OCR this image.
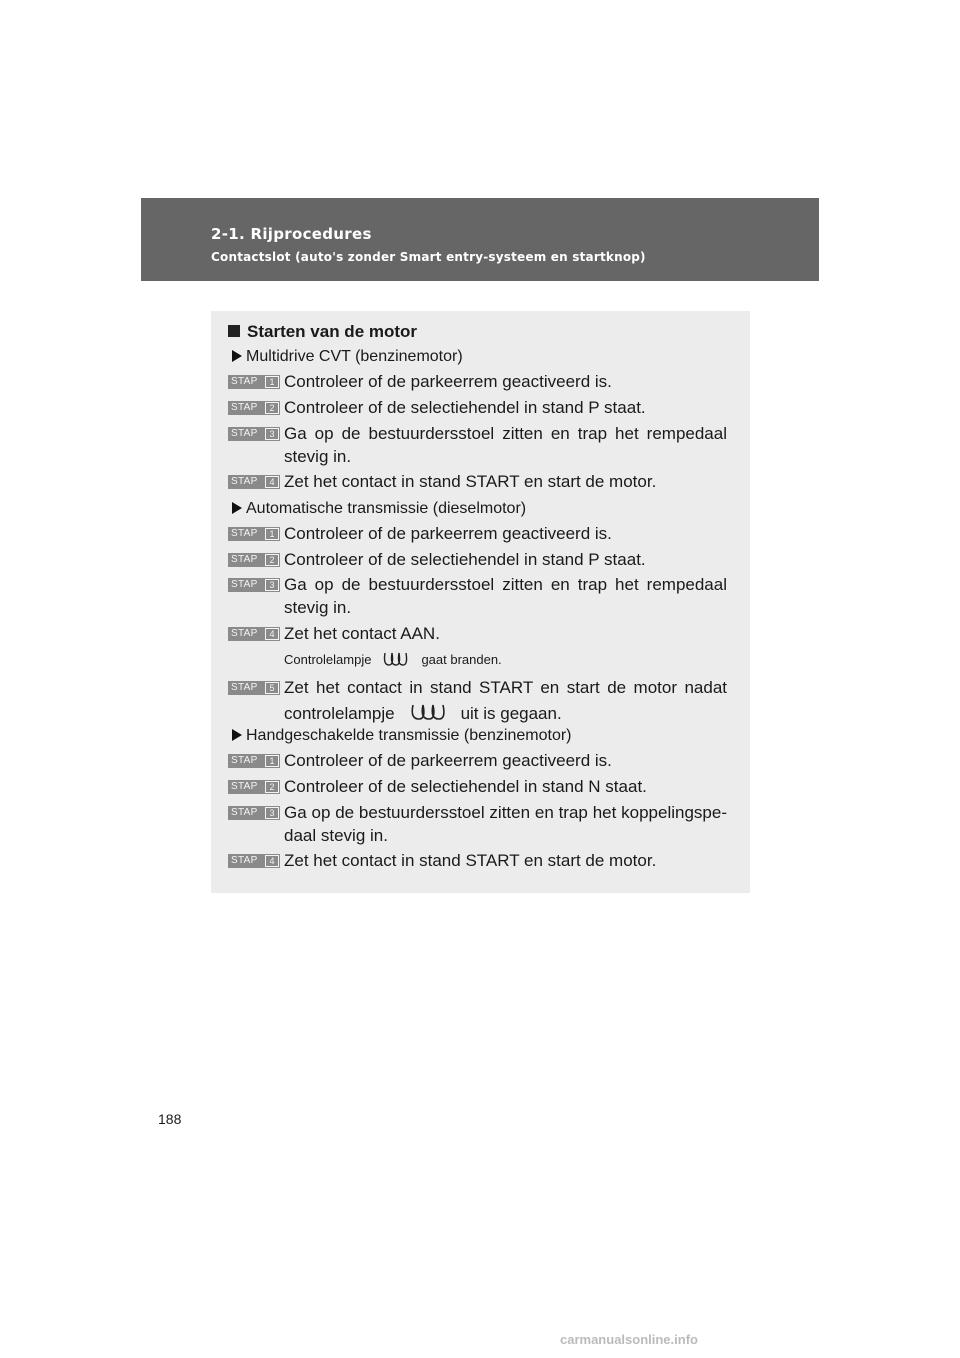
2-1. Rijprocedures
Contactslot (auto's zonder Smart entry-systeem en startknop)
Starten van de motor
Multidrive CVT (benzinemotor)
STAP	1 Controleer of de parkeerrem geactiveerd is.
STAP	2 Controleer of de selectiehendel in stand P staat.
STAP	3 Ga op de bestuurdersstoel zitten en trap het rempedaal
stevig in.
STAP	4 Zet het contact in stand START en start de motor.
Automatische transmissie (dieselmotor)
STAP	1 Controleer of de parkeerrem geactiveerd is.
STAP	2 Controleer of de selectiehendel in stand P staat.
STAP	3 Ga op de bestuurdersstoel zitten en trap het rempedaal
stevig in.
STAP	4 Zet het contact AAN.
Controlelampje	gaat branden.
STAP	5 Zet het contact in stand START en start de motor nadat
controlelampje	uit is gegaan.
Handgeschakelde transmissie (benzinemotor)
STAP	1 Controleer of de parkeerrem geactiveerd is.
STAP	2 Controleer of de selectiehendel in stand N staat.
STAP	3 Ga op de bestuurdersstoel zitten en trap het koppelingspe-
daal stevig in.
STAP	4 Zet het contact in stand START en start de motor.
188
carmanualsonline.info
